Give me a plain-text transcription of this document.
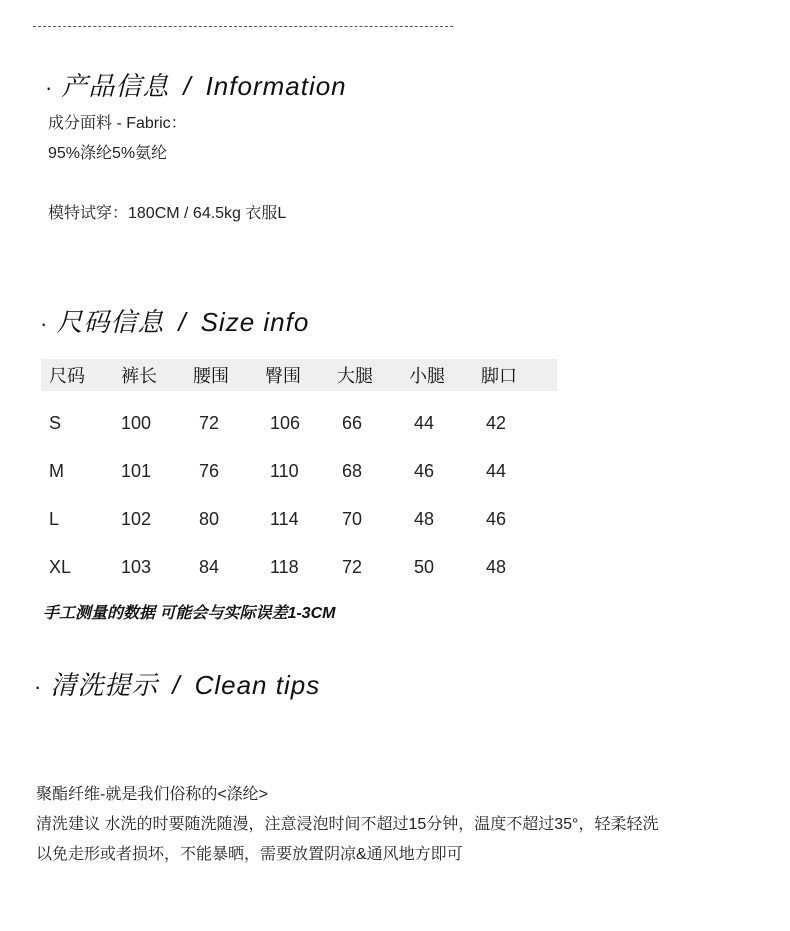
· 产品信息 / Information
成分面料 - Fabric：
95%涤纶5%氨纶
模特试穿：180CM / 64.5kg 衣服L
· 尺码信息 / Size info
尺码	裤长	腰围	臀围	大腿	小腿	脚口
S	100	72	106	66	44	42
M	101	76	110	68	46	44
L	102	80	114	70	48	46
XL	103	84	118	72	50	48
手工测量的数据 可能会与实际误差1-3CM
· 清洗提示 / Clean tips
聚酯纤维-就是我们俗称的<涤纶>
清洗建议 水洗的时要随洗随漫，注意浸泡时间不超过15分钟，温度不超过35°，轻柔轻洗
以免走形或者损坏，不能暴晒，需要放置阴凉&通风地方即可
